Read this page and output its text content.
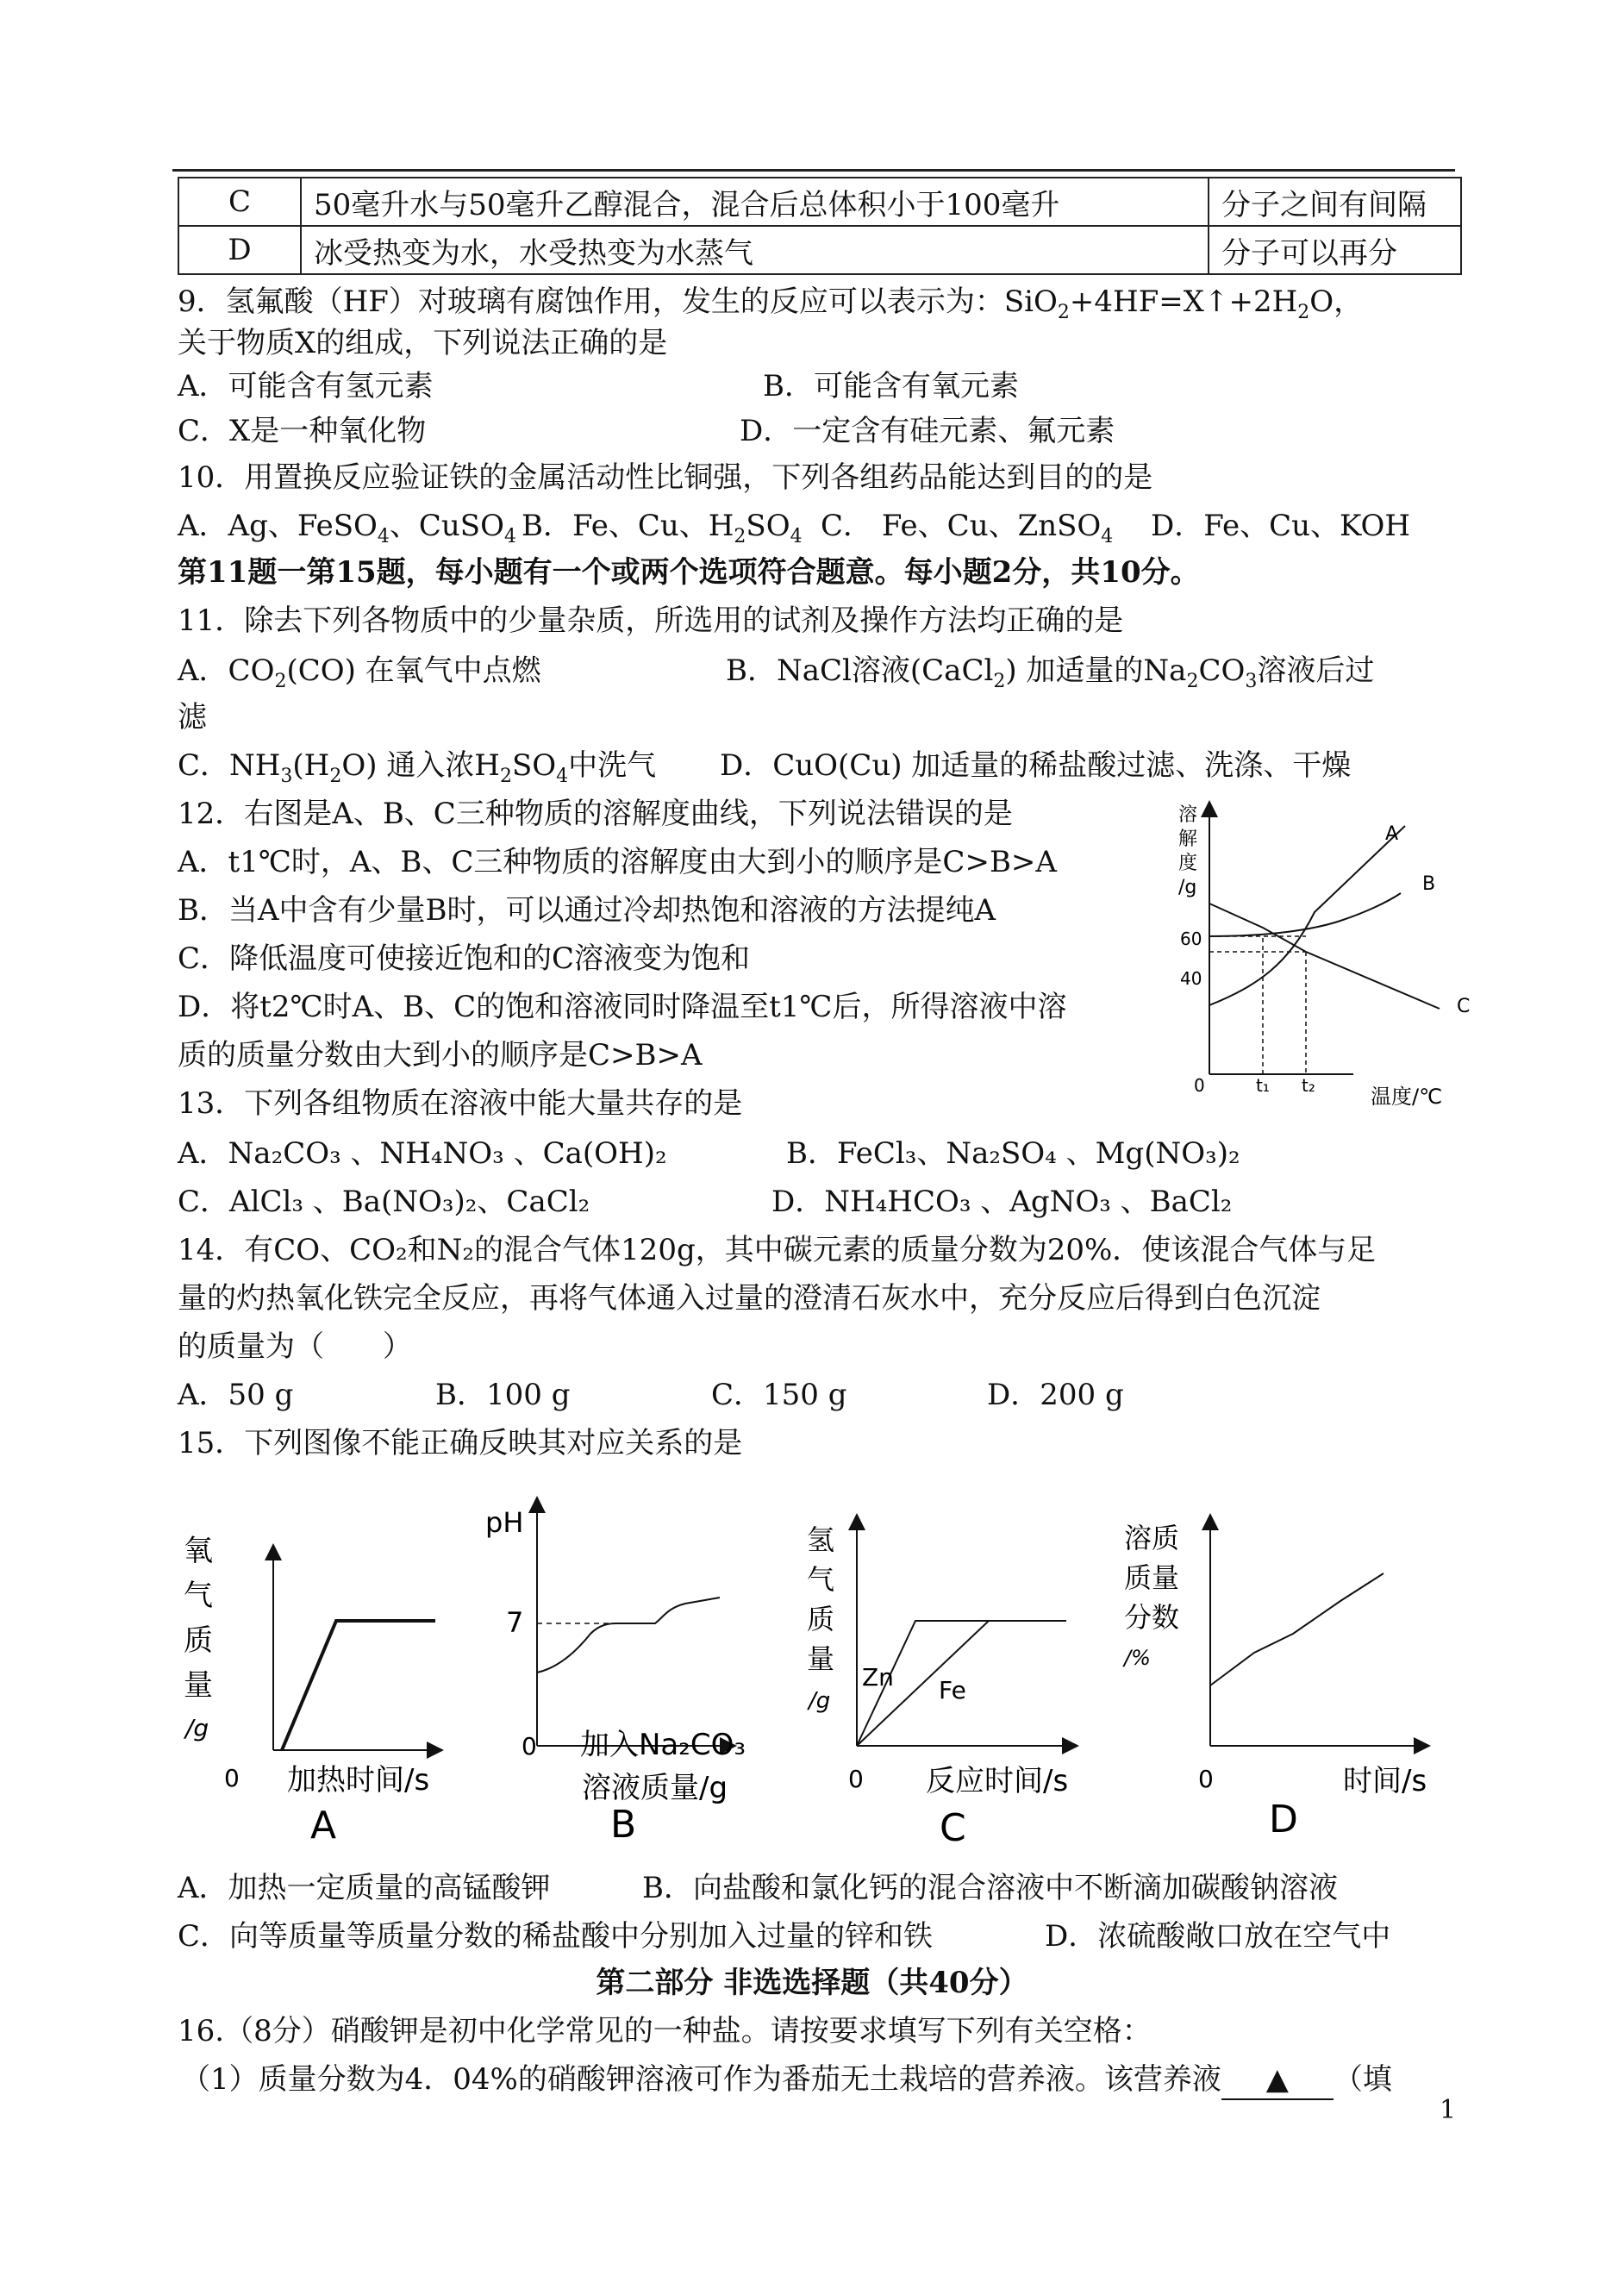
C	50毫升水与50毫升乙醇混合，混合后总体积小于100毫升	分子之间有间隔
D	冰受热变为水，水受热变为水蒸气	分子可以再分
9．氢氟酸（HF）对玻璃有腐蚀作用，发生的反应可以表示为：$SiO_2+4HF=X↑+2H_2O$，
关于物质X的组成，下列说法正确的是
A．可能含有氢元素	B．可能含有氧元素
C．X是一种氧化物	D．一定含有硅元素、氟元素
10．用置换反应验证铁的金属活动性比铜强，下列各组药品能达到目的的是
A．Ag、FeSO$_4$、CuSO$_4$ B．Fe、Cu、$H_2SO_4$ C． Fe、Cu、ZnSO$_4$ D．Fe、Cu、KOH
第11题一第15题，每小题有一个或两个选项符合题意。每小题2分，共10分。
11．除去下列各物质中的少量杂质，所选用的试剂及操作方法均正确的是
A．$CO_2(CO)$ 在氧气中点燃	B．NaCl溶液(CaCl$_2$) 加适量的$Na_2CO_3$溶液后过
滤
C．$NH_3(H_2O)$ 通入浓$H_2SO_4$中洗气 D．CuO(Cu) 加适量的稀盐酸过滤、洗涤、干燥
12．右图是A、B、C三种物质的溶解度曲线，下列说法错误的是
A．t1℃时，A、B、C三种物质的溶解度由大到小的顺序是C>B>A
B．当A中含有少量B时，可以通过冷却热饱和溶液的方法提纯A
C．降低温度可使接近饱和的C溶液变为饱和
D．将t2℃时A、B、C的饱和溶液同时降温至t1℃后，所得溶液中溶
质的质量分数由大到小的顺序是C>B>A
溶
解
度
/g
60
40
0	t₁ t₂	温度/℃
A
B
C
13．下列各组物质在溶液中能大量共存的是
A．Na₂CO₃ 、NH₄NO₃ 、Ca(OH)₂	B．FeCl₃、Na₂SO₄ 、Mg(NO₃)₂
C．AlCl₃ 、Ba(NO₃)₂、CaCl₂	D．NH₄HCO₃ 、AgNO₃ 、BaCl₂
14．有CO、CO₂和N₂的混合气体120g，其中碳元素的质量分数为20%．使该混合气体与足
量的灼热氧化铁完全反应，再将气体通入过量的澄清石灰水中，充分反应后得到白色沉淀
的质量为（　　）
A．50 g	B．100 g	C．150 g	D．200 g
15．下列图像不能正确反映其对应关系的是
氧
气
质
量
/g
0 加热时间/s
A
pH
7
0 加入Na₂CO₃
溶液质量/g
B
氢
气
质
量
/g
Zn Fe
0 反应时间/s
C
溶质
质量
分数
/%
0	时间/s
D
A．加热一定质量的高锰酸钾	B．向盐酸和氯化钙的混合溶液中不断滴加碳酸钠溶液
C．向等质量等质量分数的稀盐酸中分别加入过量的锌和铁	D．浓硫酸敞口放在空气中
第二部分 非选选择题（共40分）
16.（8分）硝酸钾是初中化学常见的一种盐。请按要求填写下列有关空格：
（1）质量分数为4．04%的硝酸钾溶液可作为番茄无土栽培的营养液。该营养液 ▲ （填
1
